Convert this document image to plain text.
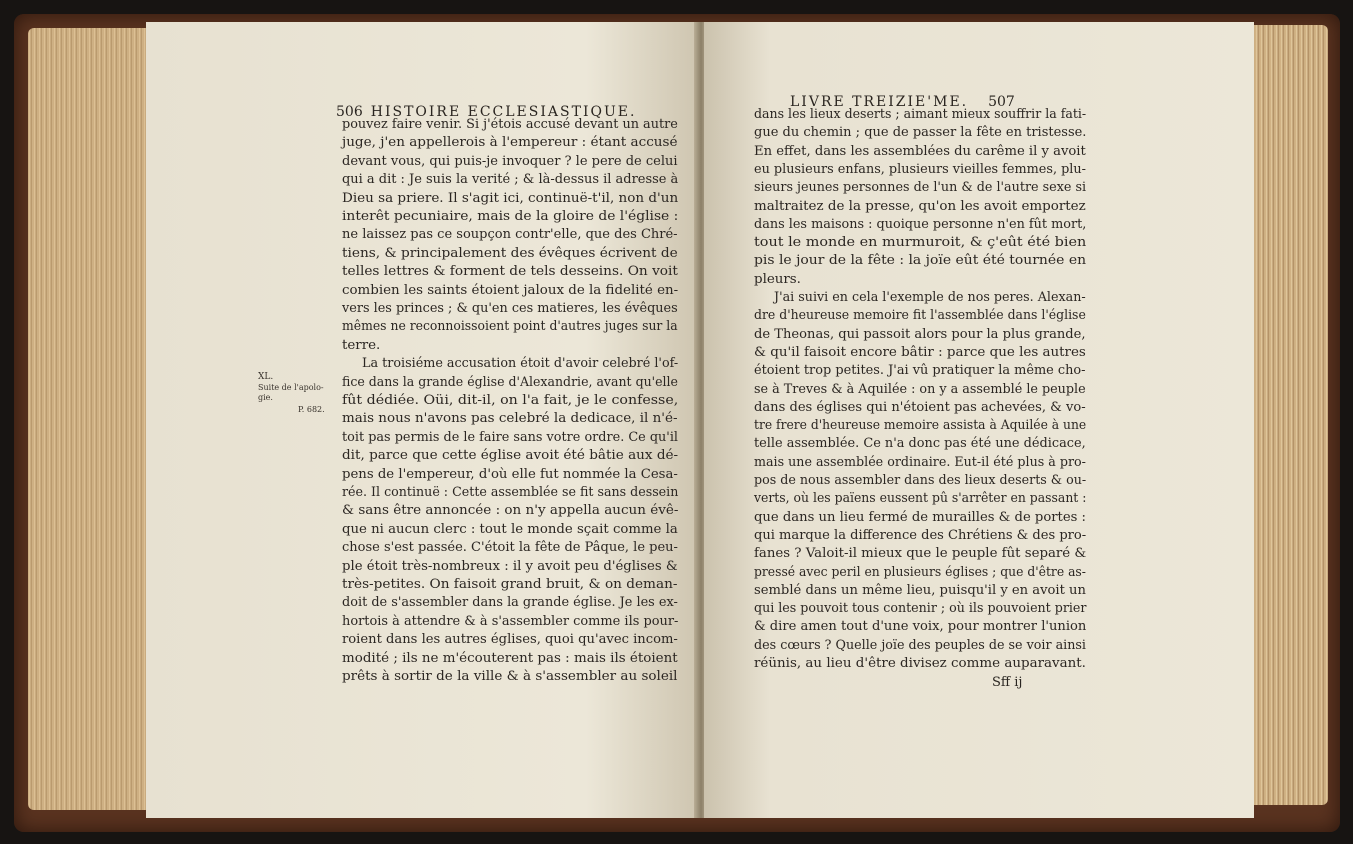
506 HISTOIRE ECCLESIASTIQUE.
pouvez faire venir. Si j'étois accusé devant un autre
juge, j'en appellerois à l'empereur : étant accusé
devant vous, qui puis-je invoquer ? le pere de celui
qui a dit : Je suis la verité ; & là-dessus il adresse à
Dieu sa priere. Il s'agit ici, continuë-t'il, non d'un
interêt pecuniaire, mais de la gloire de l'église :
ne laissez pas ce soupçon contr'elle, que des Chré-
tiens, & principalement des évêques écrivent de
telles lettres & forment de tels desseins. On voit
combien les saints étoient jaloux de la fidelité en-
vers les princes ; & qu'en ces matieres, les évêques
mêmes ne reconnoissoient point d'autres juges sur la
terre.
La troisiéme accusation étoit d'avoir celebré l'of-
fice dans la grande église d'Alexandrie, avant qu'elle
fût dédiée. Oüi, dit-il, on l'a fait, je le confesse,
mais nous n'avons pas celebré la dedicace, il n'é-
toit pas permis de le faire sans votre ordre. Ce qu'il
dit, parce que cette église avoit été bâtie aux dé-
pens de l'empereur, d'où elle fut nommée la Cesa-
rée. Il continuë : Cette assemblée se fit sans dessein
& sans être annoncée : on n'y appella aucun évê-
que ni aucun clerc : tout le monde sçait comme la
chose s'est passée. C'étoit la fête de Pâque, le peu-
ple étoit très-nombreux : il y avoit peu d'églises &
très-petites. On faisoit grand bruit, & on deman-
doit de s'assembler dans la grande église. Je les ex-
hortois à attendre & à s'assembler comme ils pour-
roient dans les autres églises, quoi qu'avec incom-
modité ; ils ne m'écouterent pas : mais ils étoient
prêts à sortir de la ville & à s'assembler au soleil
XL.
Suite de l'apolo-
gie.
P. 682.
LIVRE TREIZIE'ME. 507
dans les lieux deserts ; aimant mieux souffrir la fati-
gue du chemin ; que de passer la fête en tristesse.
En effet, dans les assemblées du carême il y avoit
eu plusieurs enfans, plusieurs vieilles femmes, plu-
sieurs jeunes personnes de l'un & de l'autre sexe si
maltraitez de la presse, qu'on les avoit emportez
dans les maisons : quoique personne n'en fût mort,
tout le monde en murmuroit, & ç'eût été bien
pis le jour de la fête : la joïe eût été tournée en
pleurs.
J'ai suivi en cela l'exemple de nos peres. Alexan-
dre d'heureuse memoire fit l'assemblée dans l'église
de Theonas, qui passoit alors pour la plus grande,
& qu'il faisoit encore bâtir : parce que les autres
étoient trop petites. J'ai vû pratiquer la même cho-
se à Treves & à Aquilée : on y a assemblé le peuple
dans des églises qui n'étoient pas achevées, & vo-
tre frere d'heureuse memoire assista à Aquilée à une
telle assemblée. Ce n'a donc pas été une dédicace,
mais une assemblée ordinaire. Eut-il été plus à pro-
pos de nous assembler dans des lieux deserts & ou-
verts, où les païens eussent pû s'arrêter en passant :
que dans un lieu fermé de murailles & de portes :
qui marque la difference des Chrétiens & des pro-
fanes ? Valoit-il mieux que le peuple fût separé &
pressé avec peril en plusieurs églises ; que d'être as-
semblé dans un même lieu, puisqu'il y en avoit un
qui les pouvoit tous contenir ; où ils pouvoient prier
& dire amen tout d'une voix, pour montrer l'union
des cœurs ? Quelle joïe des peuples de se voir ainsi
réünis, au lieu d'être divisez comme auparavant.
Sff ij
